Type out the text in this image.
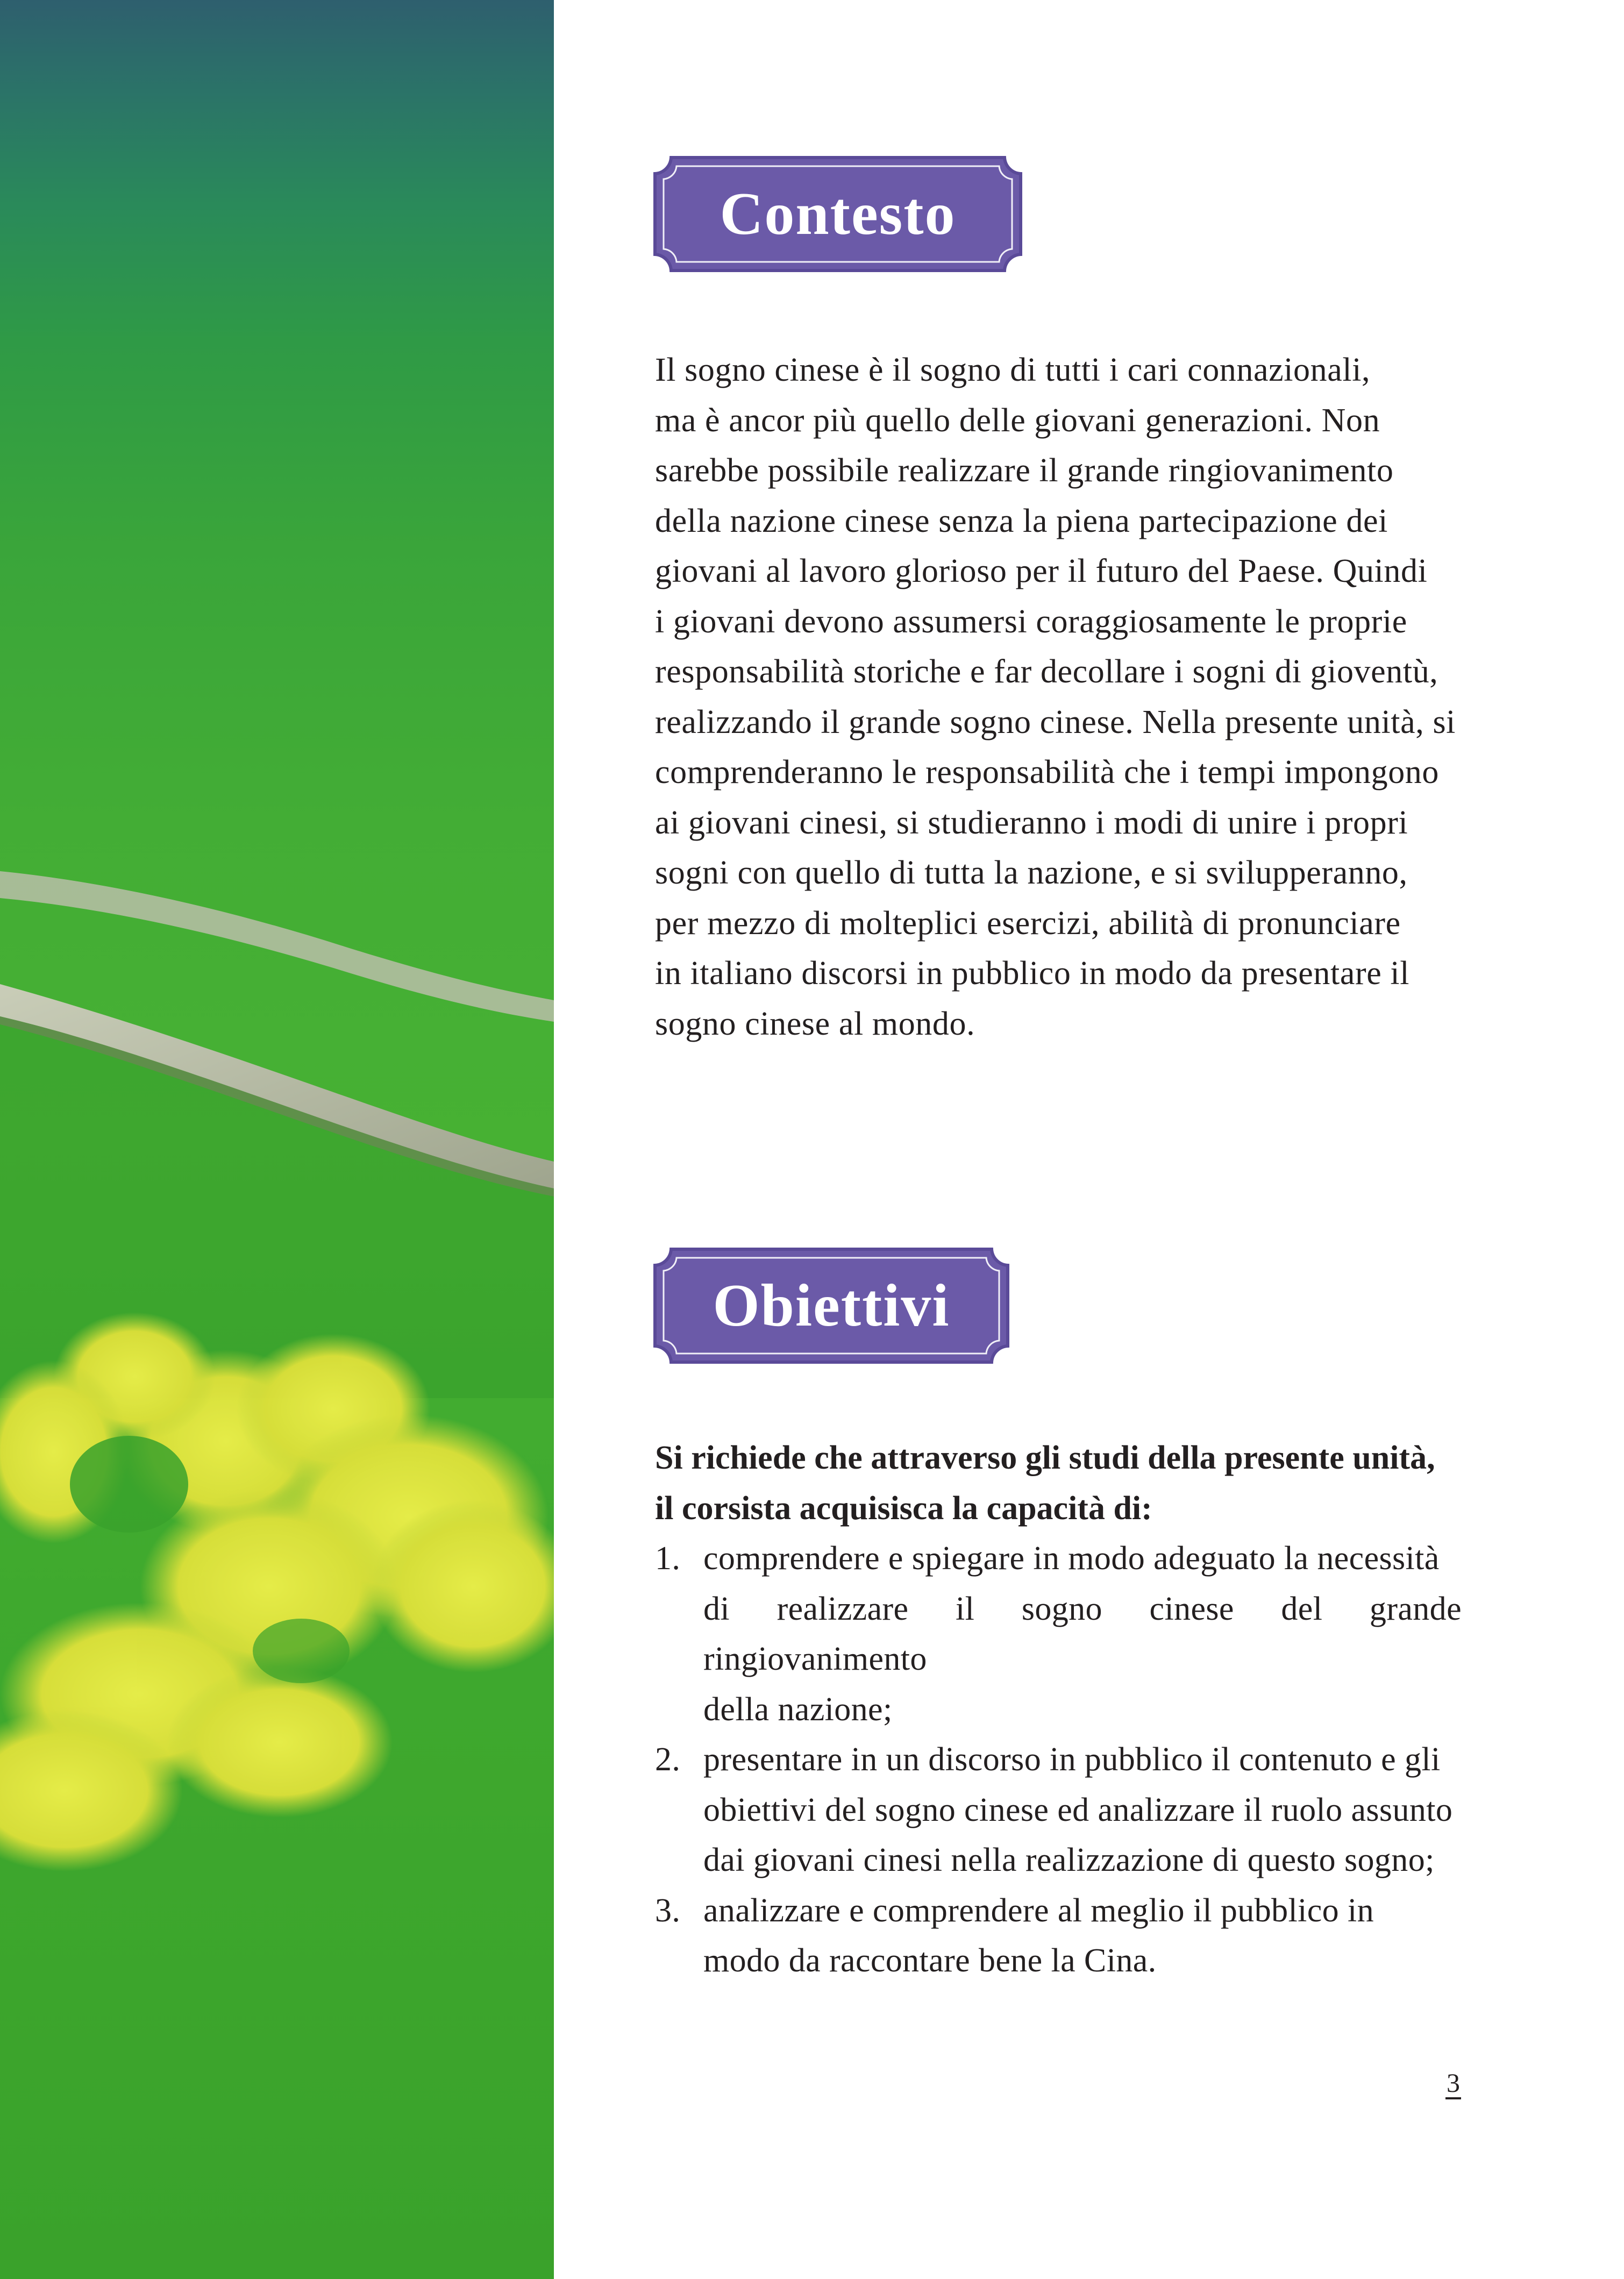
Contesto
Il sogno cinese è il sogno di tutti i cari connazionali,
ma è ancor più quello delle giovani generazioni. Non
sarebbe possibile realizzare il grande ringiovanimento
della nazione cinese senza la piena partecipazione dei
giovani al lavoro glorioso per il futuro del Paese. Quindi
i giovani devono assumersi coraggiosamente le proprie
responsabilità storiche e far decollare i sogni di gioventù,
realizzando il grande sogno cinese. Nella presente unità, si
comprenderanno le responsabilità che i tempi impongono
ai giovani cinesi, si studieranno i modi di unire i propri
sogni con quello di tutta la nazione, e si svilupperanno,
per mezzo di molteplici esercizi, abilità di pronunciare
in italiano discorsi in pubblico in modo da presentare il
sogno cinese al mondo.
Obiettivi
Si richiede che attraverso gli studi della presente unità,
il corsista acquisisca la capacità di:
1. comprendere e spiegare in modo adeguato la necessità
di realizzare il sogno cinese del grande ringiovanimento
della nazione;
2. presentare in un discorso in pubblico il contenuto e gli
obiettivi del sogno cinese ed analizzare il ruolo assunto
dai giovani cinesi nella realizzazione di questo sogno;
3. analizzare e comprendere al meglio il pubblico in
modo da raccontare bene la Cina.
3
